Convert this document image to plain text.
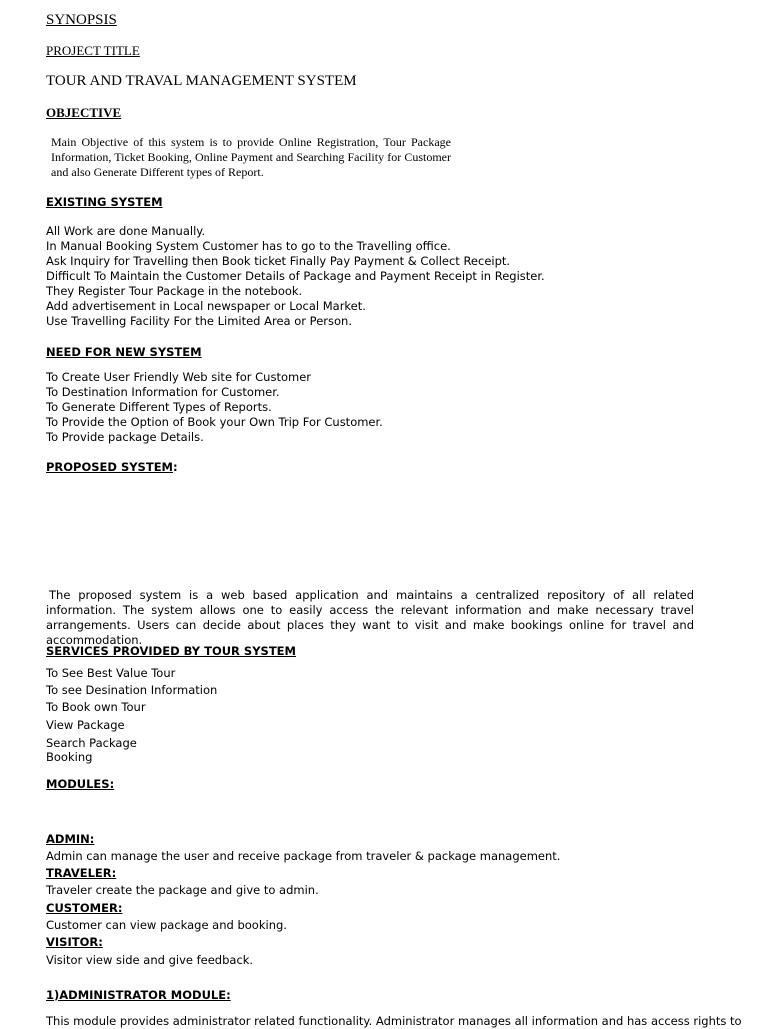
SYNOPSIS
PROJECT TITLE
TOUR AND TRAVAL MANAGEMENT SYSTEM
OBJECTIVE
Main Objective of this system is to provide Online Registration, Tour Package Information, Ticket Booking, Online Payment and Searching Facility for Customer and also Generate Different types of Report.
EXISTING SYSTEM
All Work are done Manually.
In Manual Booking System Customer has to go to the Travelling office.
Ask Inquiry for Travelling then Book ticket Finally Pay Payment & Collect Receipt.
Difficult To Maintain the Customer Details of Package and Payment Receipt in Register.
They Register Tour Package in the notebook.
Add advertisement in Local newspaper or Local Market.
Use Travelling Facility For the Limited Area or Person.
NEED FOR NEW SYSTEM
To Create User Friendly Web site for Customer
To Destination Information for Customer.
To Generate Different Types of Reports.
To Provide the Option of Book your Own Trip For Customer.
To Provide package Details.
PROPOSED SYSTEM:
The proposed system is a web based application and maintains a centralized repository of all related information. The system allows one to easily access the relevant information and make necessary travel arrangements. Users can decide about places they want to visit and make bookings online for travel and accommodation.
SERVICES PROVIDED BY TOUR SYSTEM
To See Best Value Tour
To see Desination Information
To Book own Tour
View Package
Search Package
Booking
MODULES:
ADMIN:
Admin can manage the user and receive package from traveler & package management.
TRAVELER:
Traveler create the package and give to admin.
CUSTOMER:
Customer can view package and booking.
VISITOR:
Visitor view side and give feedback.
1)ADMINISTRATOR MODULE:
This module provides administrator related functionality. Administrator manages all information and has access rights to
